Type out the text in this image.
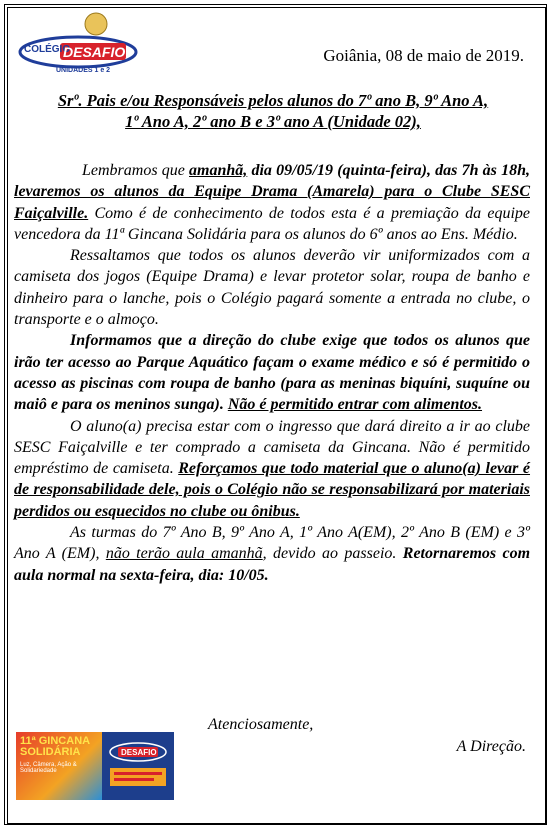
COLÉGIO
DESAFIO
UNIDADES 1 e 2
Goiânia, 08 de maio de 2019.
Srº. Pais e/ou Responsáveis pelos alunos do 7º ano B, 9º Ano A,
1º Ano A, 2º ano B e 3º ano A (Unidade 02),

Lembramos que amanhã, dia 09/05/19 (quinta-feira), das 7h às 18h, levaremos os alunos da Equipe Drama (Amarela) para o Clube SESC Faiçalville. Como é de conhecimento de todos esta é a premiação da equipe vencedora da 11ª Gincana Solidária para os alunos do 6º anos ao Ens. Médio.

Ressaltamos que todos os alunos deverão vir uniformizados com a camiseta dos jogos (Equipe Drama) e levar protetor solar, roupa de banho e dinheiro para o lanche, pois o Colégio pagará somente a entrada no clube, o transporte e o almoço.

Informamos que a direção do clube exige que todos os alunos que irão ter acesso ao Parque Aquático façam o exame médico e só é permitido o acesso as piscinas com roupa de banho (para as meninas biquíni, suquíne ou maiô e para os meninos sunga). Não é permitido entrar com alimentos.

O aluno(a) precisa estar com o ingresso que dará direito a ir ao clube SESC Faiçalville e ter comprado a camiseta da Gincana. Não é permitido empréstimo de camiseta. Reforçamos que todo material que o aluno(a) levar é de responsabilidade dele, pois o Colégio não se responsabilizará por materiais perdidos ou esquecidos no clube ou ônibus.

As turmas do 7º Ano B, 9º Ano A, 1º Ano A(EM), 2º Ano B (EM) e 3º Ano A (EM), não terão aula amanhã, devido ao passeio. Retornaremos com aula normal na sexta-feira, dia: 10/05.

Atenciosamente,
A Direção.
11ª GINCANA
SOLIDÁRIA
Luz, Câmera, Ação & Solidariedade
DESAFIO
